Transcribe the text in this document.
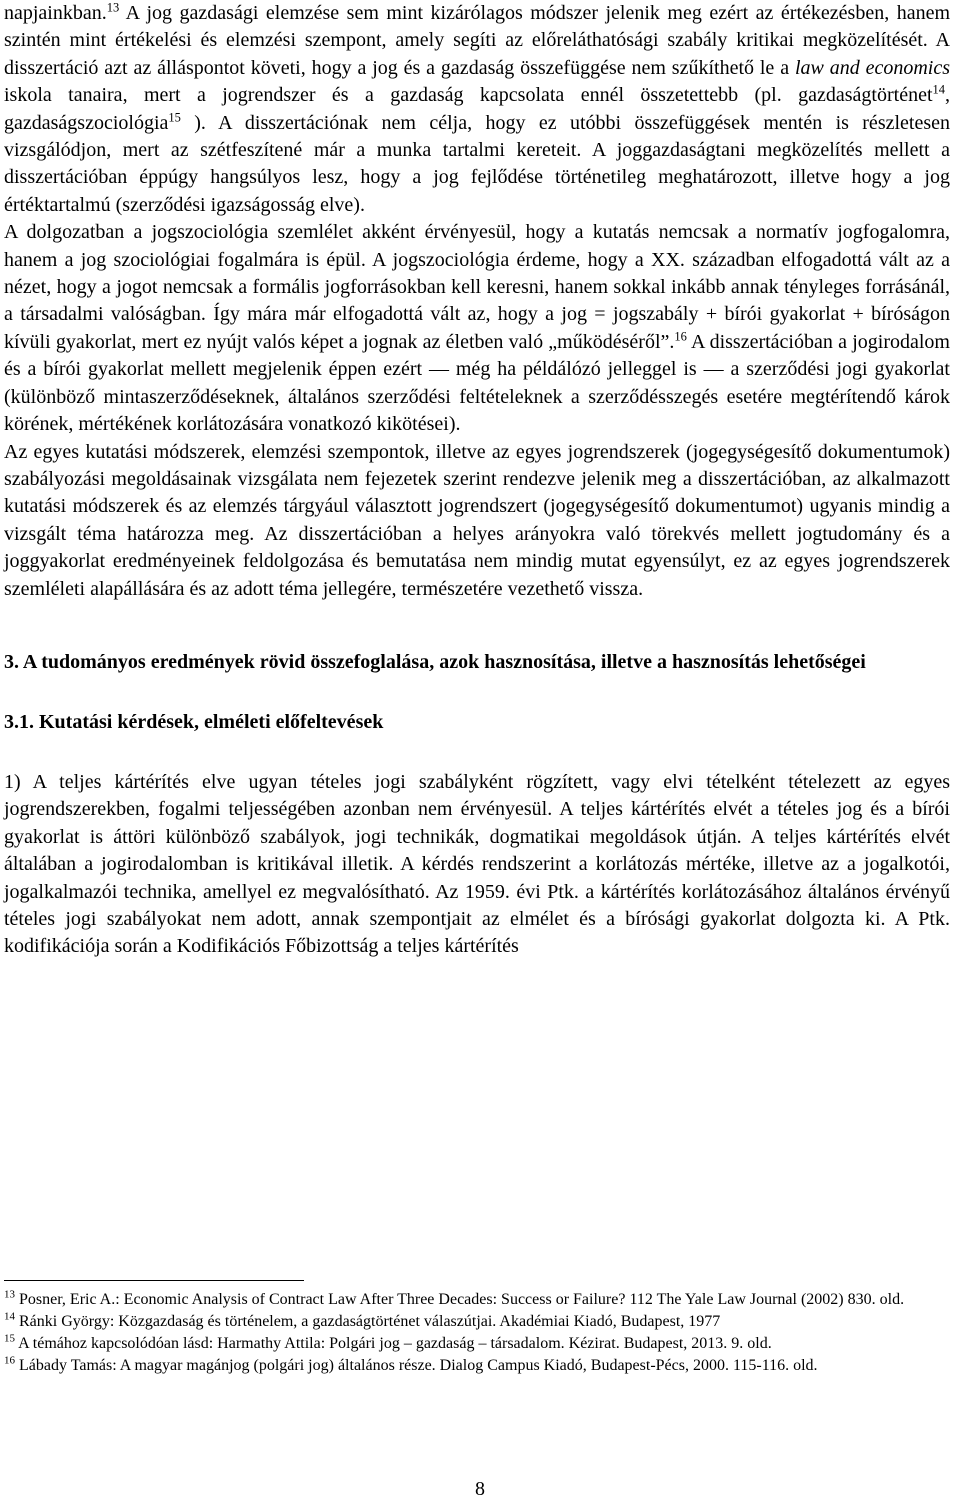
napjainkban.$^{13}$ A jog gazdasági elemzése sem mint kizárólagos módszer jelenik meg ezért az értékezésben, hanem szintén mint értékelési és elemzési szempont, amely segíti az előreláthatósági szabály kritikai megközelítését. A disszertáció azt az álláspontot követi, hogy a jog és a gazdaság összefüggése nem szűkíthető le a law and economics iskola tanaira, mert a jogrendszer és a gazdaság kapcsolata ennél összetettebb (pl. gazdaságtörténet$^{14}$, gazdaságszociológia$^{15}$ ). A disszertációnak nem célja, hogy ez utóbbi összefüggések mentén is részletesen vizsgálódjon, mert az szétfeszítené már a munka tartalmi kereteit. A joggazdaságtani megközelítés mellett a disszertációban éppúgy hangsúlyos lesz, hogy a jog fejlődése történetileg meghatározott, illetve hogy a jog értéktartalmú (szerződési igazságosság elve).

A dolgozatban a jogszociológia szemlélet akként érvényesül, hogy a kutatás nemcsak a normatív jogfogalomra, hanem a jog szociológiai fogalmára is épül. A jogszociológia érdeme, hogy a XX. században elfogadottá vált az a nézet, hogy a jogot nemcsak a formális jogforrásokban kell keresni, hanem sokkal inkább annak tényleges forrásánál, a társadalmi valóságban. Így mára már elfogadottá vált az, hogy a jog = jogszabály + bírói gyakorlat + bíróságon kívüli gyakorlat, mert ez nyújt valós képet a jognak az életben való „működéséről”.$^{16}$ A disszertációban a jogirodalom és a bírói gyakorlat mellett megjelenik éppen ezért — még ha példálózó jelleggel is — a szerződési jogi gyakorlat (különböző mintaszerződéseknek, általános szerződési feltételeknek a szerződésszegés esetére megtérítendő károk körének, mértékének korlátozására vonatkozó kikötései).

Az egyes kutatási módszerek, elemzési szempontok, illetve az egyes jogrendszerek (jogegységesítő dokumentumok) szabályozási megoldásainak vizsgálata nem fejezetek szerint rendezve jelenik meg a disszertációban, az alkalmazott kutatási módszerek és az elemzés tárgyául választott jogrendszert (jogegységesítő dokumentumot) ugyanis mindig a vizsgált téma határozza meg. Az disszertációban a helyes arányokra való törekvés mellett jogtudomány és a joggyakorlat eredményeinek feldolgozása és bemutatása nem mindig mutat egyensúlyt, ez az egyes jogrendszerek szemléleti alapállására és az adott téma jellegére, természetére vezethető vissza.

3. A tudományos eredmények rövid összefoglalása, azok hasznosítása, illetve a hasznosítás lehetőségei

3.1. Kutatási kérdések, elméleti előfeltevések

1) A teljes kártérítés elve ugyan tételes jogi szabályként rögzített, vagy elvi tételként tételezett az egyes jogrendszerekben, fogalmi teljességében azonban nem érvényesül. A teljes kártérítés elvét a tételes jog és a bírói gyakorlat is áttöri különböző szabályok, jogi technikák, dogmatikai megoldások útján. A teljes kártérítés elvét általában a jogirodalomban is kritikával illetik. A kérdés rendszerint a korlátozás mértéke, illetve az a jogalkotói, jogalkalmazói technika, amellyel ez megvalósítható. Az 1959. évi Ptk. a kártérítés korlátozásához általános érvényű tételes jogi szabályokat nem adott, annak szempontjait az elmélet és a bírósági gyakorlat dolgozta ki. A Ptk. kodifikációja során a Kodifikációs Főbizottság a teljes kártérítés

$^{13}$ Posner, Eric A.: Economic Analysis of Contract Law After Three Decades: Success or Failure? 112 The Yale Law Journal (2002) 830. old.

$^{14}$ Ránki György: Közgazdaság és történelem, a gazdaságtörténet válaszútjai. Akadémiai Kiadó, Budapest, 1977

$^{15}$ A témához kapcsolódóan lásd: Harmathy Attila: Polgári jog – gazdaság – társadalom. Kézirat. Budapest, 2013. 9. old.

$^{16}$ Lábady Tamás: A magyar magánjog (polgári jog) általános része. Dialog Campus Kiadó, Budapest-Pécs, 2000. 115-116. old.

8
